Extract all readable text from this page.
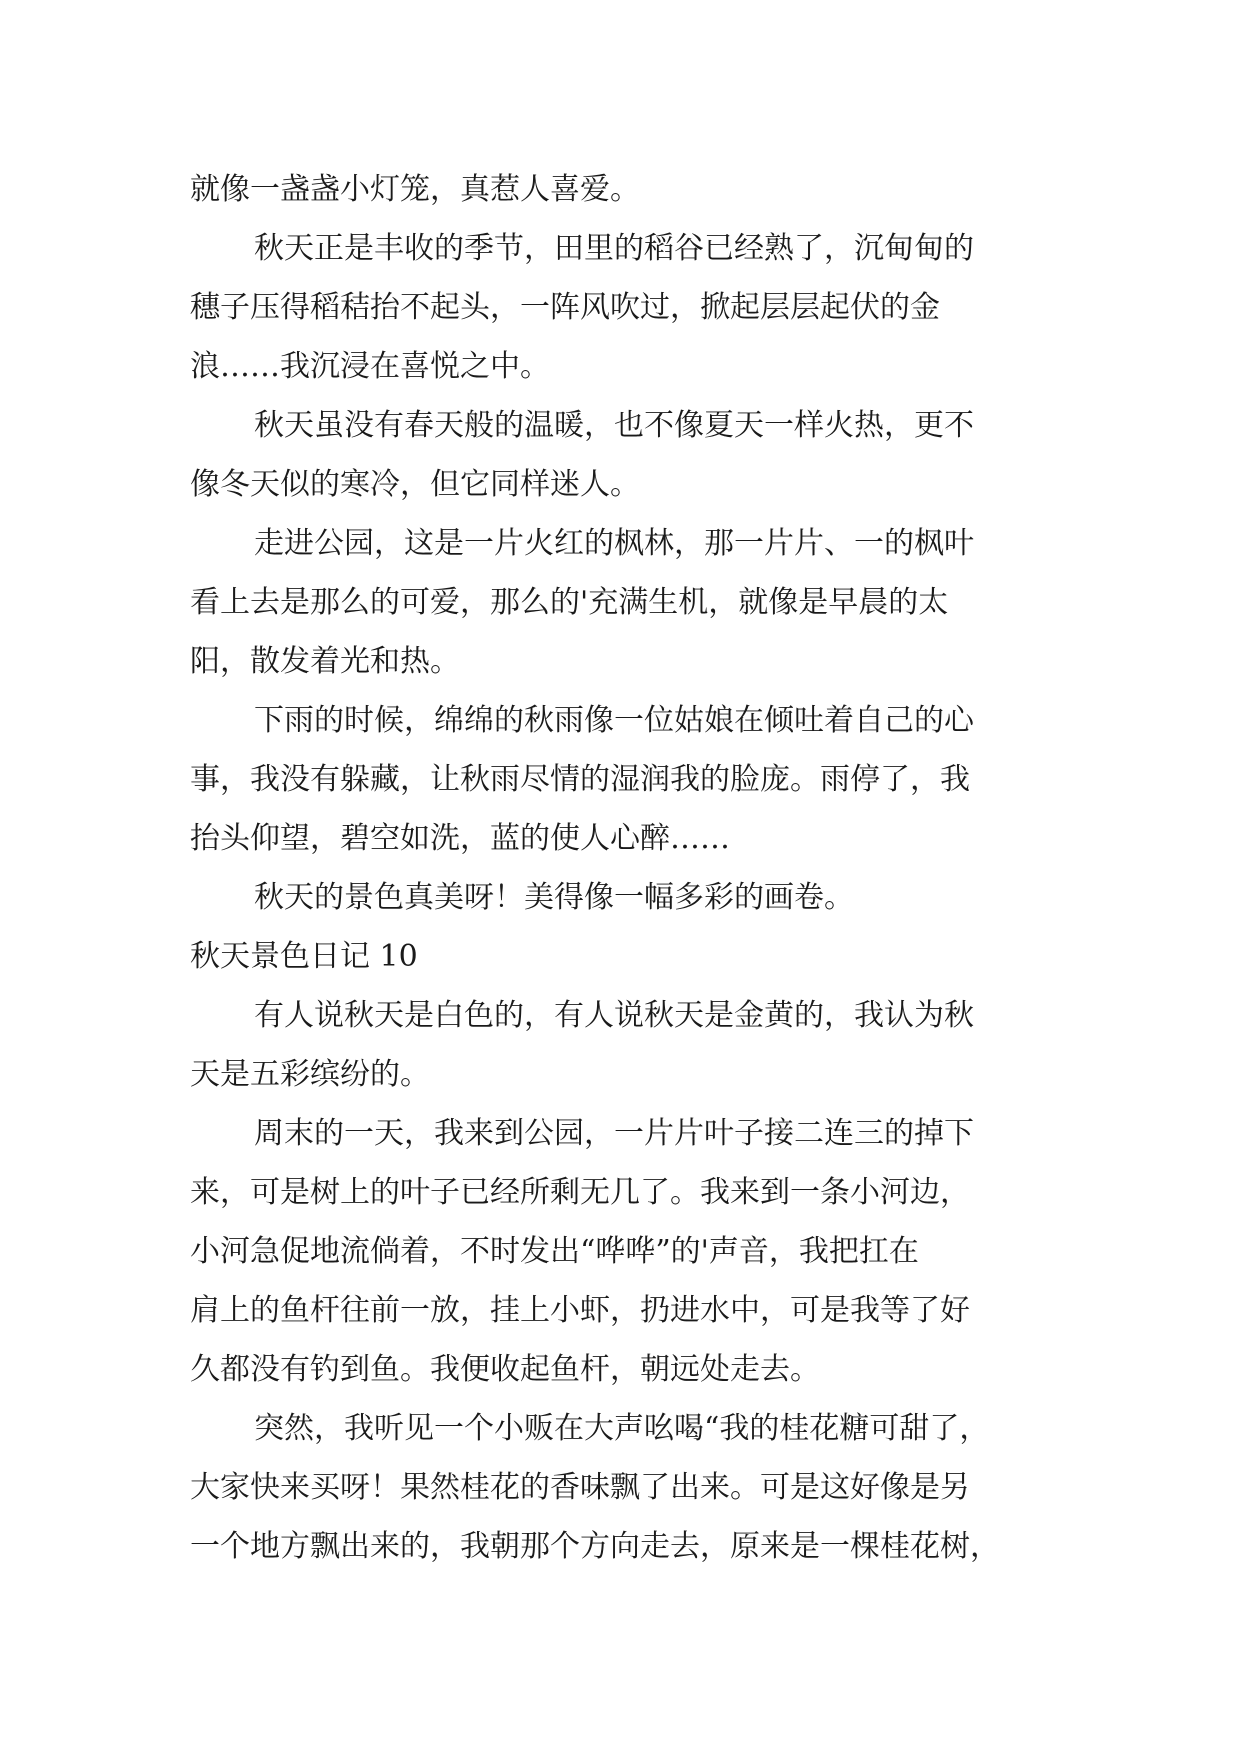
就像一盏盏小灯笼，真惹人喜爱。
秋天正是丰收的季节，田里的稻谷已经熟了，沉甸甸的
穗子压得稻秸抬不起头，一阵风吹过，掀起层层起伏的金
浪……我沉浸在喜悦之中。
秋天虽没有春天般的温暖，也不像夏天一样火热，更不
像冬天似的寒冷，但它同样迷人。
走进公园，这是一片火红的枫林，那一片片、一的枫叶
看上去是那么的可爱，那么的'充满生机，就像是早晨的太
阳，散发着光和热。
下雨的时候，绵绵的秋雨像一位姑娘在倾吐着自己的心
事，我没有躲藏，让秋雨尽情的湿润我的脸庞。雨停了，我
抬头仰望，碧空如洗，蓝的使人心醉……
秋天的景色真美呀！美得像一幅多彩的画卷。
秋天景色日记 10
有人说秋天是白色的，有人说秋天是金黄的，我认为秋
天是五彩缤纷的。
周末的一天，我来到公园，一片片叶子接二连三的掉下
来，可是树上的叶子已经所剩无几了。我来到一条小河边，
小河急促地流倘着，不时发出“哗哗”的'声音，我把扛在
肩上的鱼杆往前一放，挂上小虾，扔进水中，可是我等了好
久都没有钓到鱼。我便收起鱼杆，朝远处走去。
突然，我听见一个小贩在大声吆喝“我的桂花糖可甜了，
大家快来买呀！果然桂花的香味飘了出来。可是这好像是另
一个地方飘出来的，我朝那个方向走去，原来是一棵桂花树，
